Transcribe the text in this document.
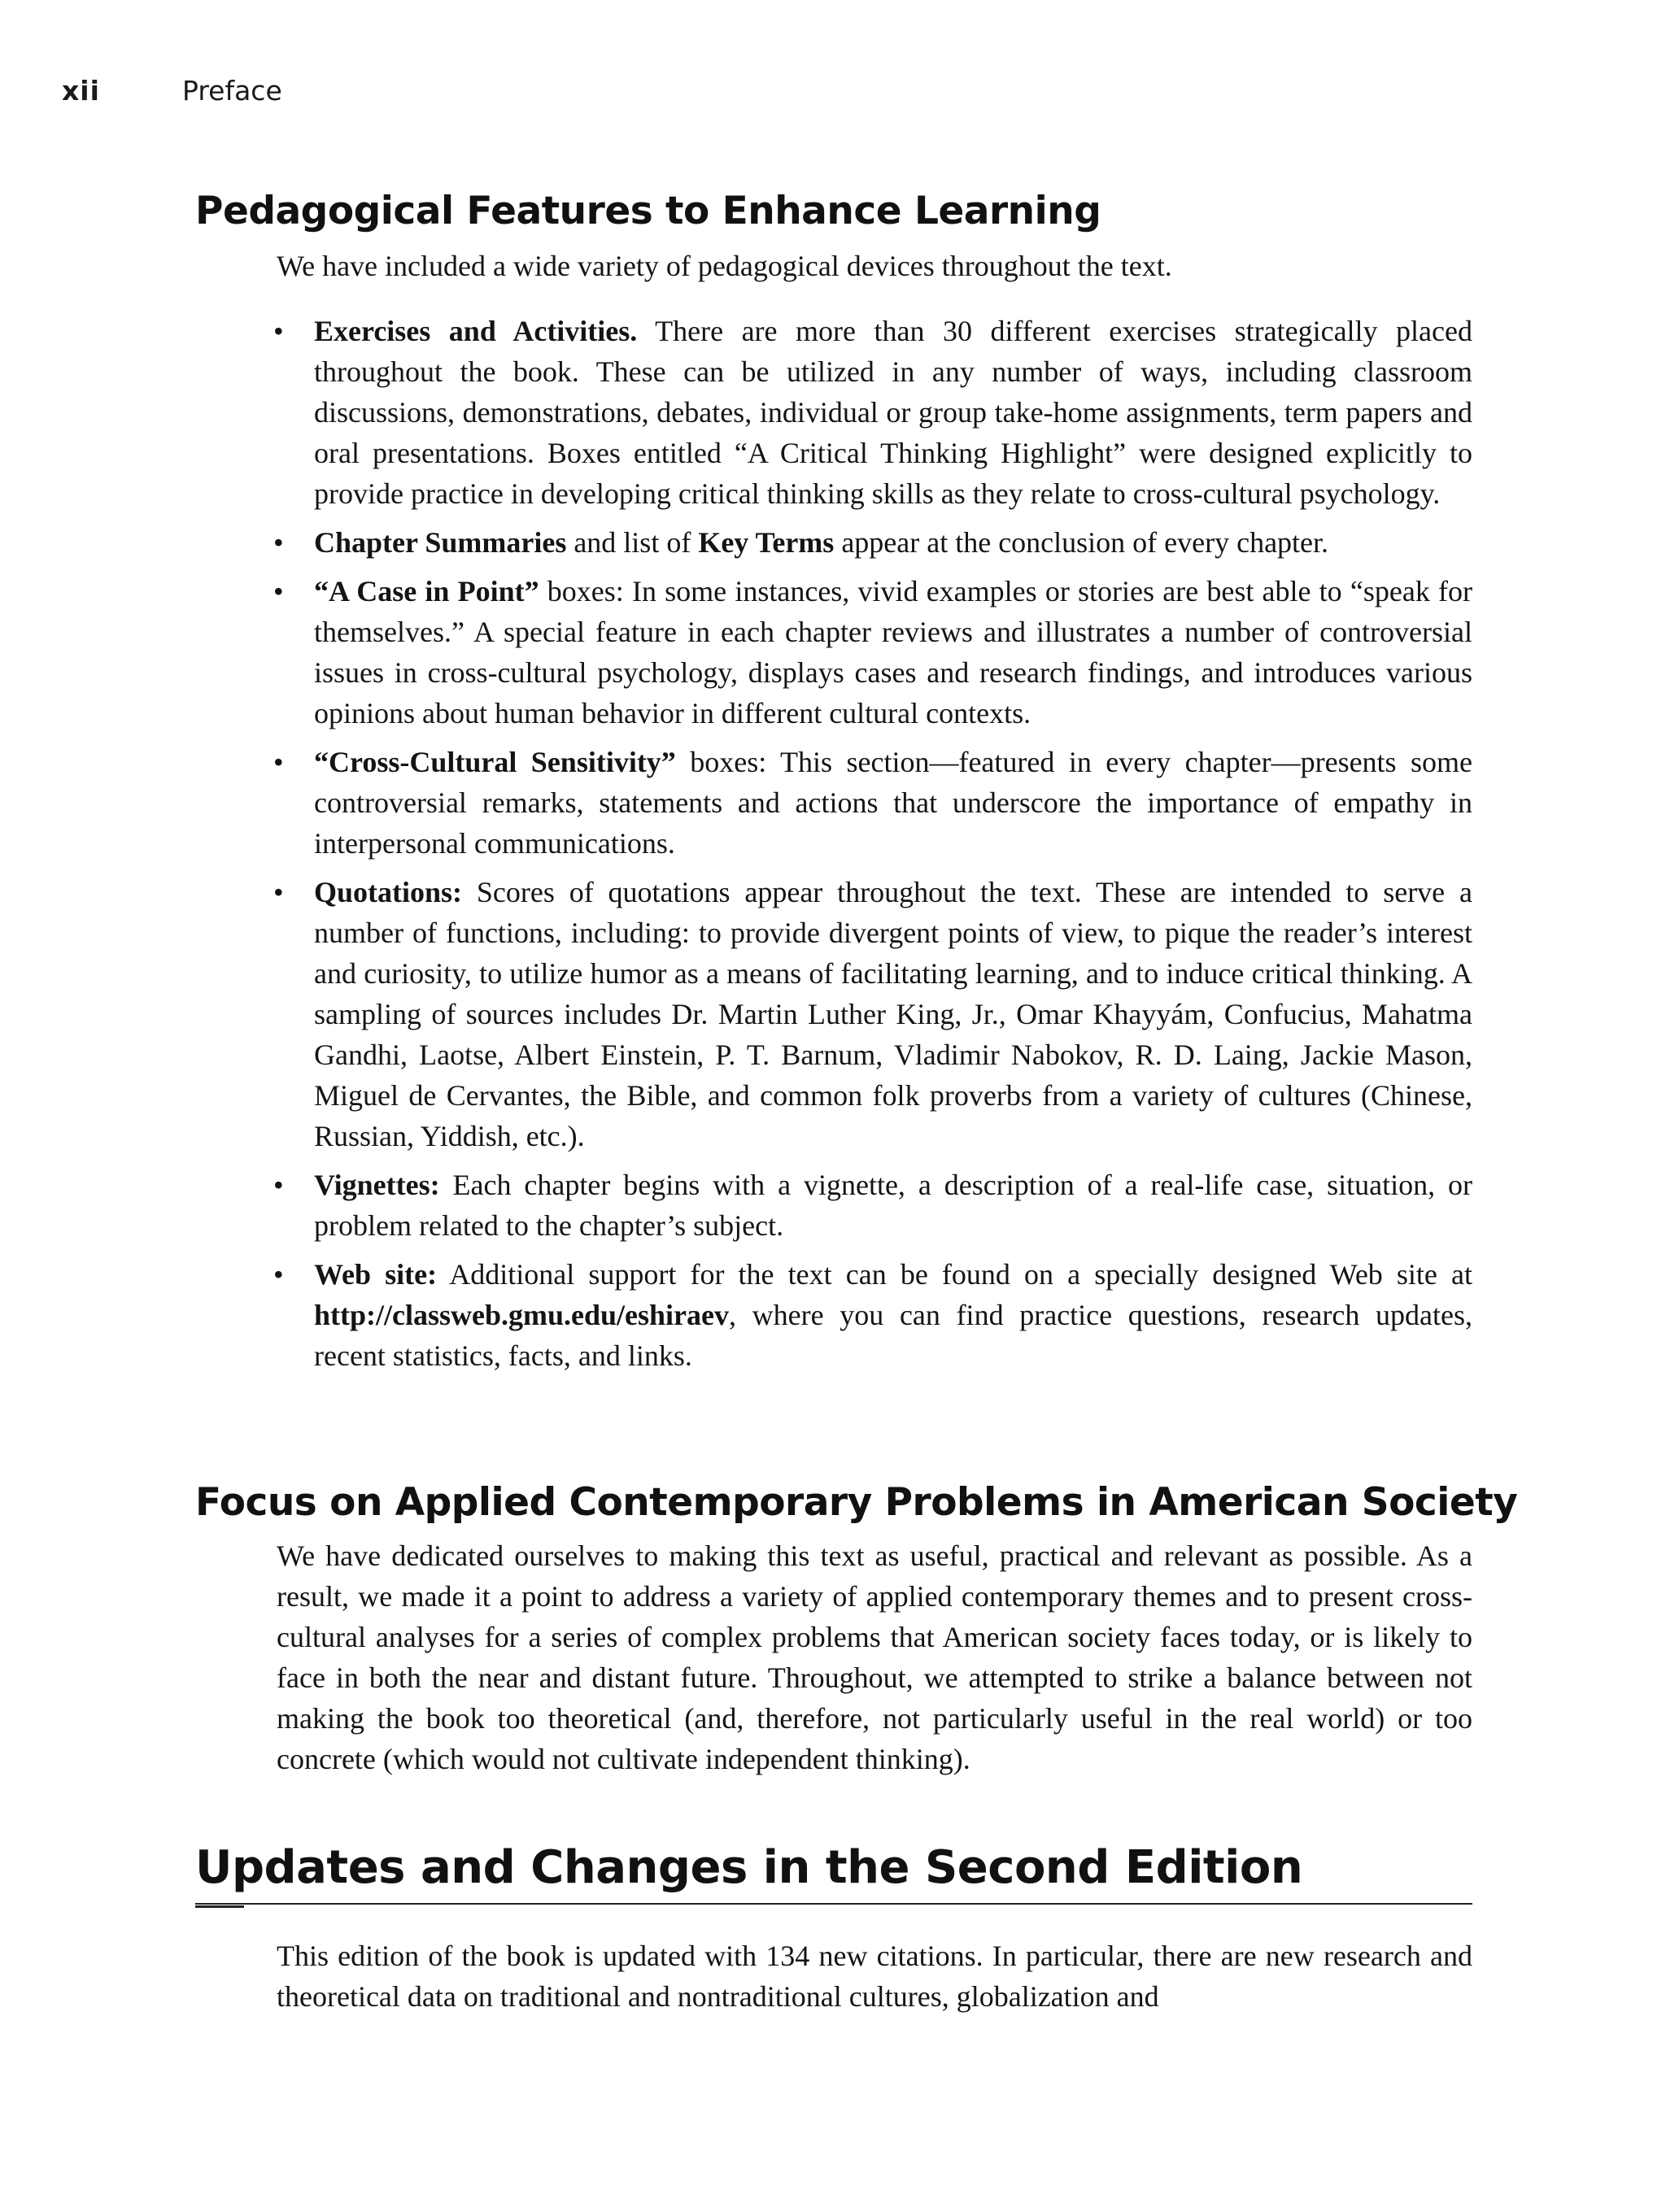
xii	Preface
Pedagogical Features to Enhance Learning

We have included a wide variety of pedagogical devices throughout the text.

• Exercises and Activities. There are more than 30 different exercises strategically placed throughout the book. These can be utilized in any number of ways, including classroom discussions, demonstrations, debates, individual or group take-home assignments, term papers and oral presentations. Boxes entitled “A Critical Thinking Highlight” were designed explicitly to provide practice in developing critical thinking skills as they relate to cross-cultural psychology.
• Chapter Summaries and list of Key Terms appear at the conclusion of every chapter.
• “A Case in Point” boxes: In some instances, vivid examples or stories are best able to “speak for themselves.” A special feature in each chapter reviews and illustrates a number of controversial issues in cross-cultural psychology, displays cases and research findings, and introduces various opinions about human behavior in different cultural contexts.
• “Cross-Cultural Sensitivity” boxes: This section—featured in every chapter—presents some controversial remarks, statements and actions that underscore the importance of empathy in interpersonal communications.
• Quotations: Scores of quotations appear throughout the text. These are intended to serve a number of functions, including: to provide divergent points of view, to pique the reader’s interest and curiosity, to utilize humor as a means of facilitating learning, and to induce critical thinking. A sampling of sources includes Dr. Martin Luther King, Jr., Omar Khayyám, Confucius, Mahatma Gandhi, Laotse, Albert Einstein, P. T. Barnum, Vladimir Nabokov, R. D. Laing, Jackie Mason, Miguel de Cervantes, the Bible, and common folk proverbs from a variety of cultures (Chinese, Russian, Yiddish, etc.).
• Vignettes: Each chapter begins with a vignette, a description of a real-life case, situation, or problem related to the chapter’s subject.
• Web site: Additional support for the text can be found on a specially designed Web site at http://classweb.gmu.edu/eshiraev, where you can find practice questions, research updates, recent statistics, facts, and links.
Focus on Applied Contemporary Problems in American Society

We have dedicated ourselves to making this text as useful, practical and relevant as possible. As a result, we made it a point to address a variety of applied contemporary themes and to present cross-cultural analyses for a series of complex problems that American society faces today, or is likely to face in both the near and distant future. Throughout, we attempted to strike a balance between not making the book too theoretical (and, therefore, not particularly useful in the real world) or too concrete (which would not cultivate independent thinking).

Updates and Changes in the Second Edition

This edition of the book is updated with 134 new citations. In particular, there are new research and theoretical data on traditional and nontraditional cultures, globalization and
